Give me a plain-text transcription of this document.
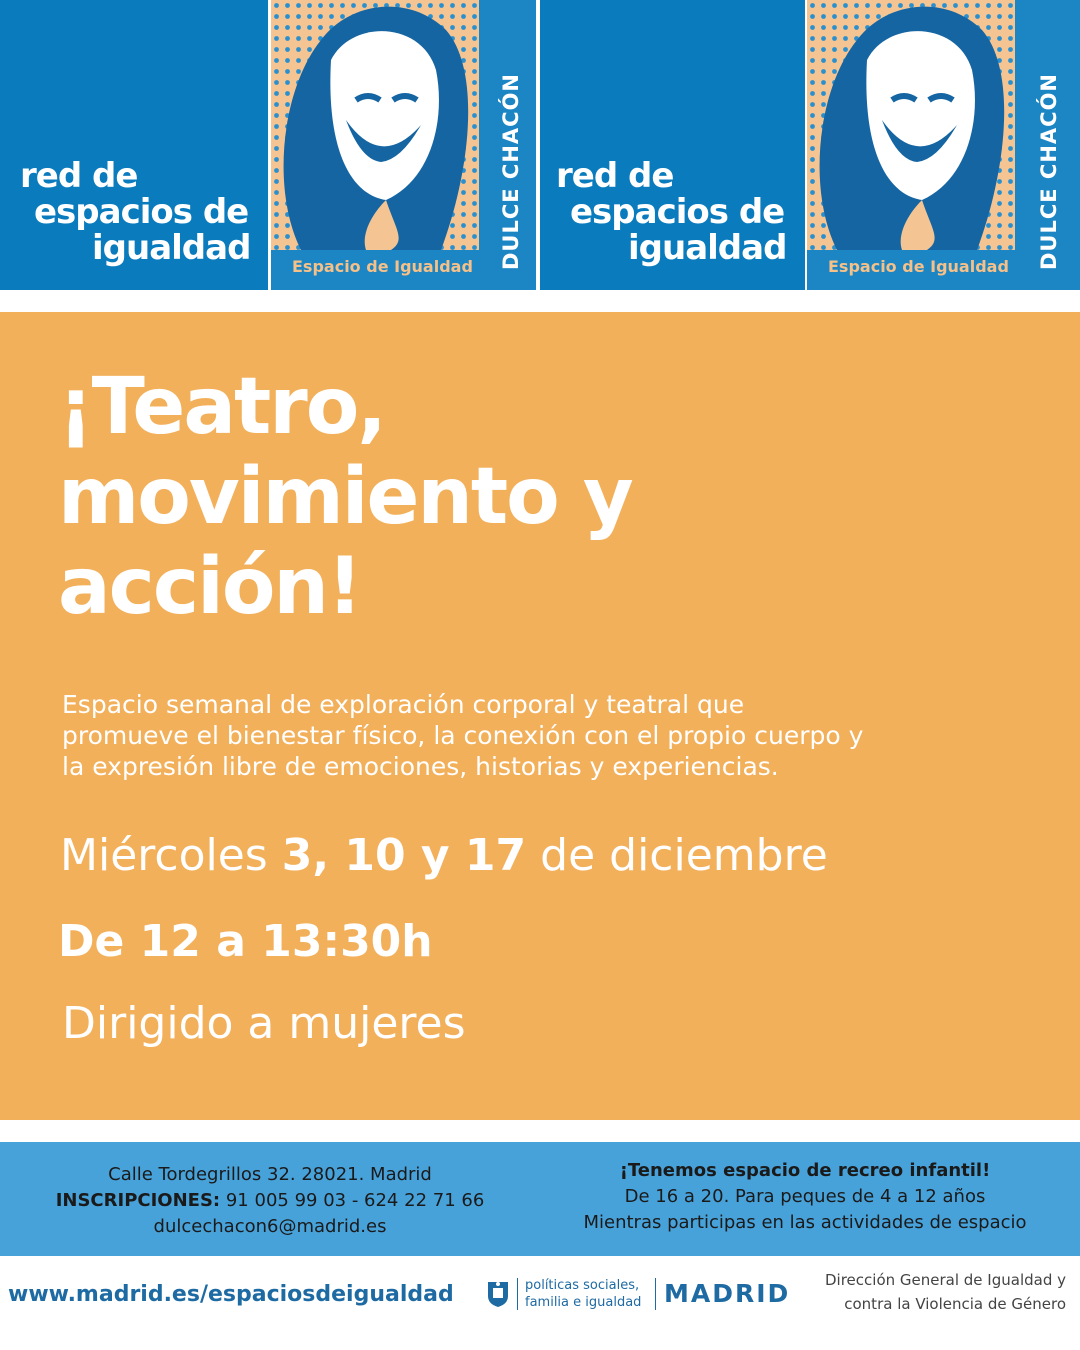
red de
espacios de
igualdad	Espacio de Igualdad DULCE CHACÓN red de
espacios de
igualdad	Espacio de Igualdad DULCE CHACÓN
¡Teatro,
movimiento y
acción!
Espacio semanal de exploración corporal y teatral que
promueve el bienestar físico, la conexión con el propio cuerpo y
la expresión libre de emociones, historias y experiencias.
Miércoles 3, 10 y 17 de diciembre
De 12 a 13:30h
Dirigido a mujeres
Calle Tordegrillos 32. 28021. Madrid
INSCRIPCIONES: 91 005 99 03 - 624 22 71 66
dulcechacon6@madrid.es
¡Tenemos espacio de recreo infantil!
De 16 a 20. Para peques de 4 a 12 años
Mientras participas en las actividades de espacio
www.madrid.es/espaciosdeigualdad	políticas sociales,
familia e igualdad MADRID	Dirección General de Igualdad y
contra la Violencia de Género
